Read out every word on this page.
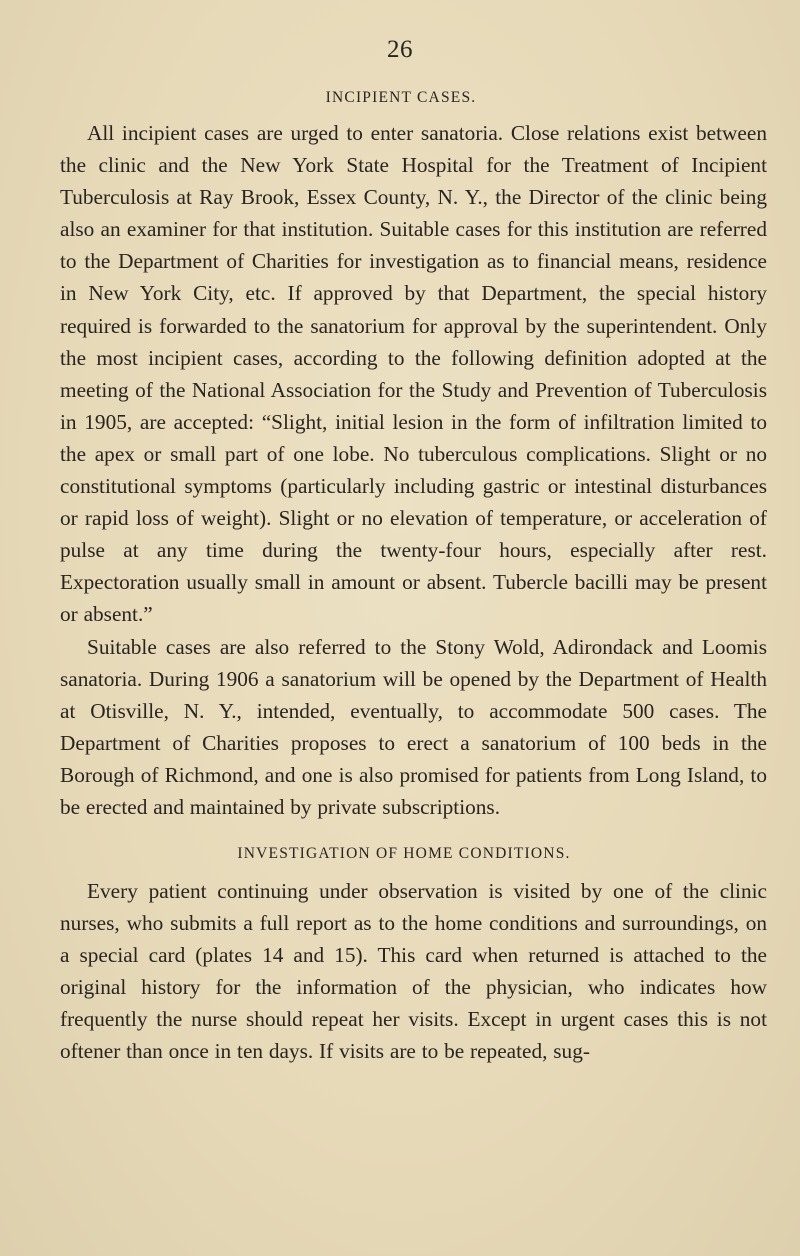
26
INCIPIENT CASES.

All incipient cases are urged to enter sanatoria. Close relations exist between the clinic and the New York State Hospital for the Treatment of Incipient Tuberculosis at Ray Brook, Essex County, N. Y., the Director of the clinic being also an examiner for that institution. Suitable cases for this institution are referred to the Department of Charities for investigation as to financial means, residence in New York City, etc. If approved by that Department, the special history required is forwarded to the sanatorium for approval by the superintendent. Only the most incipient cases, according to the following definition adopted at the meeting of the National Association for the Study and Prevention of Tuberculosis in 1905, are accepted: “Slight, initial lesion in the form of infiltration limited to the apex or small part of one lobe. No tuberculous complications. Slight or no constitutional symptoms (particularly including gastric or intestinal disturbances or rapid loss of weight). Slight or no elevation of temperature, or acceleration of pulse at any time during the twenty-four hours, especially after rest. Expectoration usually small in amount or absent. Tubercle bacilli may be present or absent.”

Suitable cases are also referred to the Stony Wold, Adirondack and Loomis sanatoria. During 1906 a sanatorium will be opened by the Department of Health at Otisville, N. Y., intended, eventually, to accommodate 500 cases. The Department of Charities proposes to erect a sanatorium of 100 beds in the Borough of Richmond, and one is also promised for patients from Long Island, to be erected and maintained by private subscriptions.

INVESTIGATION OF HOME CONDITIONS.

Every patient continuing under observation is visited by one of the clinic nurses, who submits a full report as to the home conditions and surroundings, on a special card (plates 14 and 15). This card when returned is attached to the original history for the information of the physician, who indicates how frequently the nurse should repeat her visits. Except in urgent cases this is not oftener than once in ten days. If visits are to be repeated, sug-
